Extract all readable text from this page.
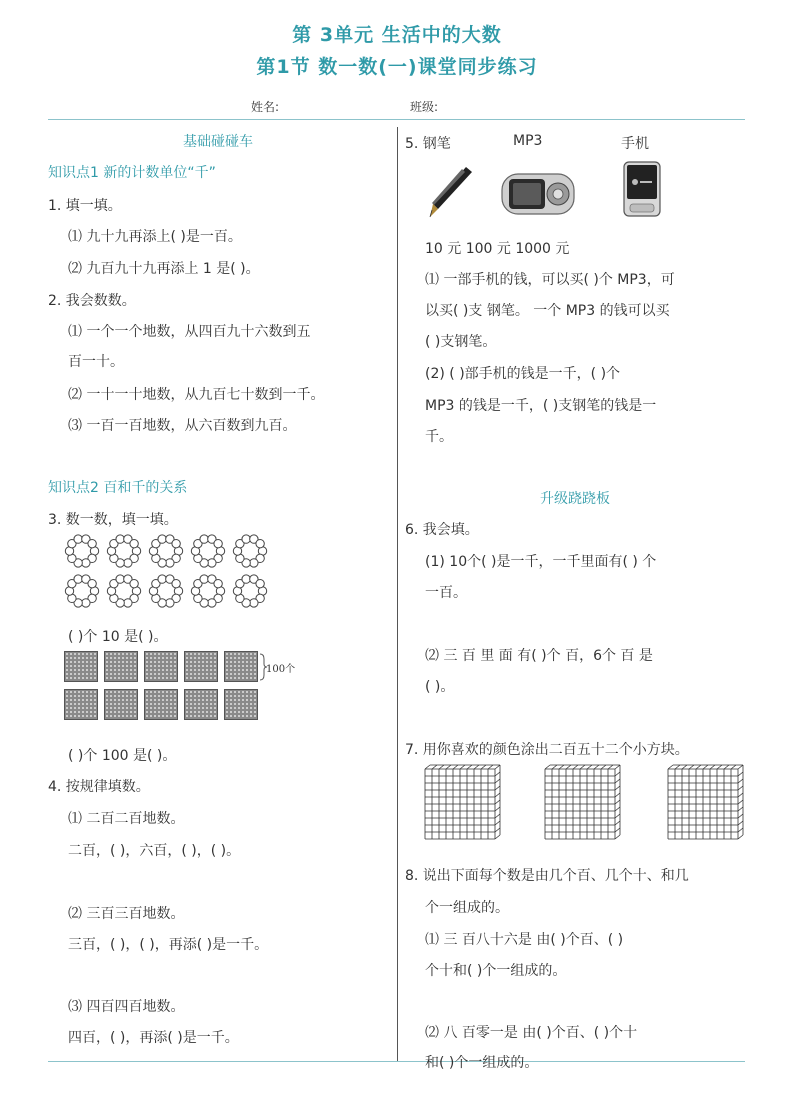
第 3单元 生活中的大数
第1节 数一数(一)课堂同步练习
姓名:	班级:
基础碰碰车
知识点1 新的计数单位“千”
1. 填一填。
⑴ 九十九再添上( )是一百。
⑵ 九百九十九再添上 1 是( )。
2. 我会数数。
⑴ 一个一个地数，从四百九十六数到五
百一十。
⑵ 一十一十地数，从九百七十数到一千。
⑶ 一百一百地数，从六百数到九百。
知识点2 百和千的关系
3. 数一数，填一填。
( )个 10 是( )。
100个
( )个 100 是( )。
4. 按规律填数。
⑴ 二百二百地数。
二百，( )，六百，( )，( )。
⑵ 三百三百地数。
三百，( )，( )，再添( )是一千。
⑶ 四百四百地数。
四百，( )，再添( )是一千。
5. 钢笔	MP3	手机
10 元 100 元 1000 元
⑴ 一部手机的钱，可以买( )个 MP3，可
以买( )支 钢笔。 一个 MP3 的钱可以买
( )支钢笔。
(2) ( )部手机的钱是一千，( )个
MP3 的钱是一千，( )支钢笔的钱是一
千。
升级跷跷板
6. 我会填。
(1) 10个( )是一千，一千里面有( ) 个
一百。
⑵ 三 百 里 面 有( )个 百，6个 百 是
( )。
7. 用你喜欢的颜色涂出二百五十二个小方块。
8. 说出下面每个数是由几个百、几个十、和几
个一组成的。
⑴ 三 百八十六是 由( )个百、( )
个十和( )个一组成的。
⑵ 八 百零一是 由( )个百、( )个十
和( )个一组成的。
